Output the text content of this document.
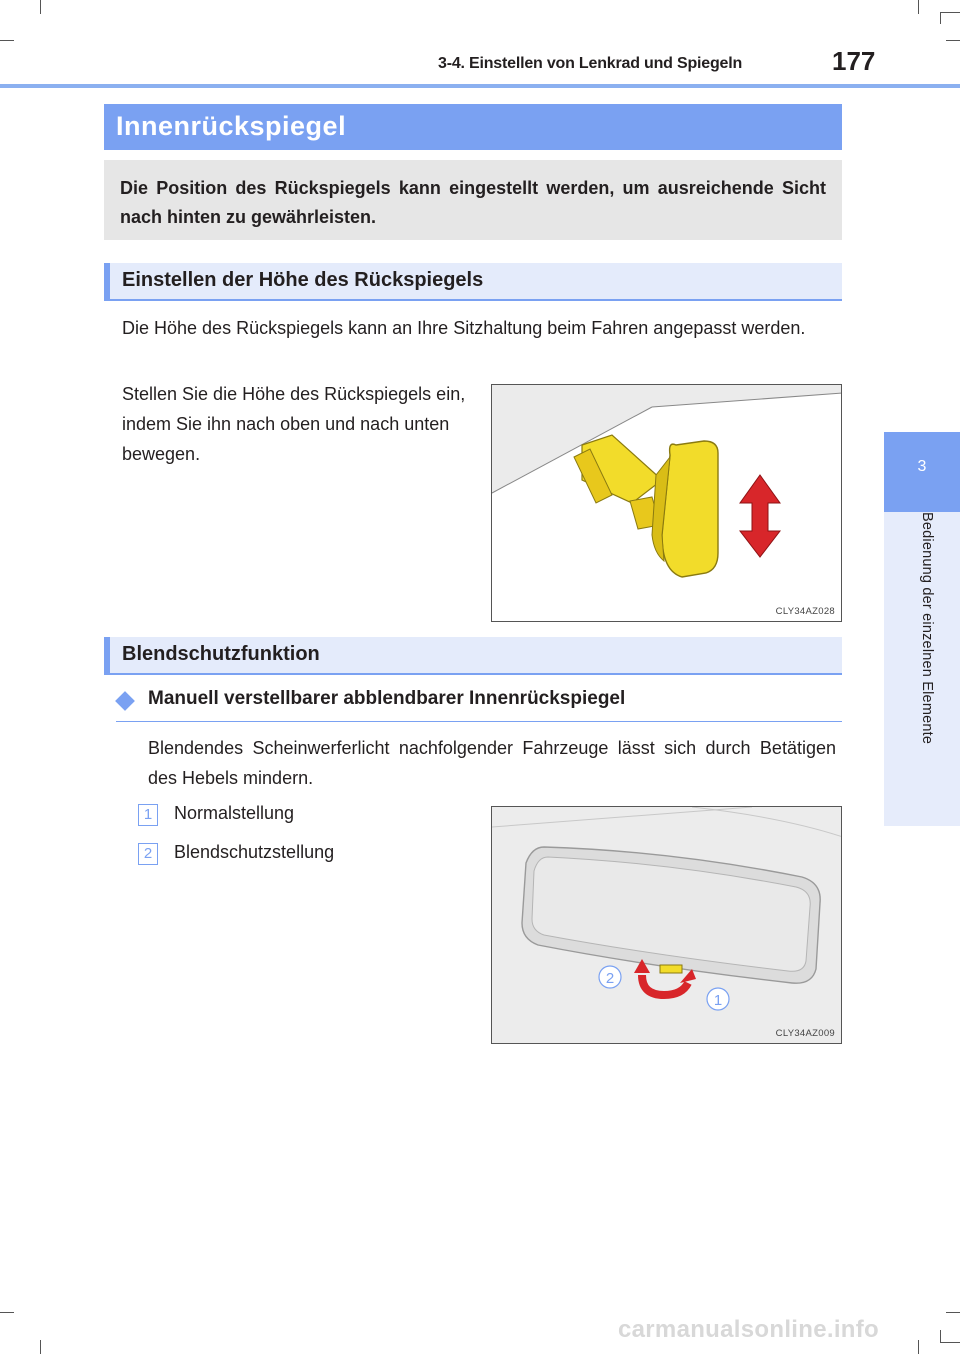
3-4. Einstellen von Lenkrad und Spiegeln	177
3
Bedienung der einzelnen Elemente
Innenrückspiegel
Die Position des Rückspiegels kann eingestellt werden, um ausreichende Sicht nach hinten zu gewährleisten.
Einstellen der Höhe des Rückspiegels
Die Höhe des Rückspiegels kann an Ihre Sitzhaltung beim Fahren angepasst werden.
Stellen Sie die Höhe des Rückspiegels ein, indem Sie ihn nach oben und nach unten bewegen.
CLY34AZ028
Blendschutzfunktion
Manuell verstellbarer abblendbarer Innenrückspiegel
Blendendes Scheinwerferlicht nachfolgender Fahrzeuge lässt sich durch Betätigen des Hebels mindern.
1	Normalstellung
2	Blendschutzstellung
2
1
CLY34AZ009
carmanualsonline.info
